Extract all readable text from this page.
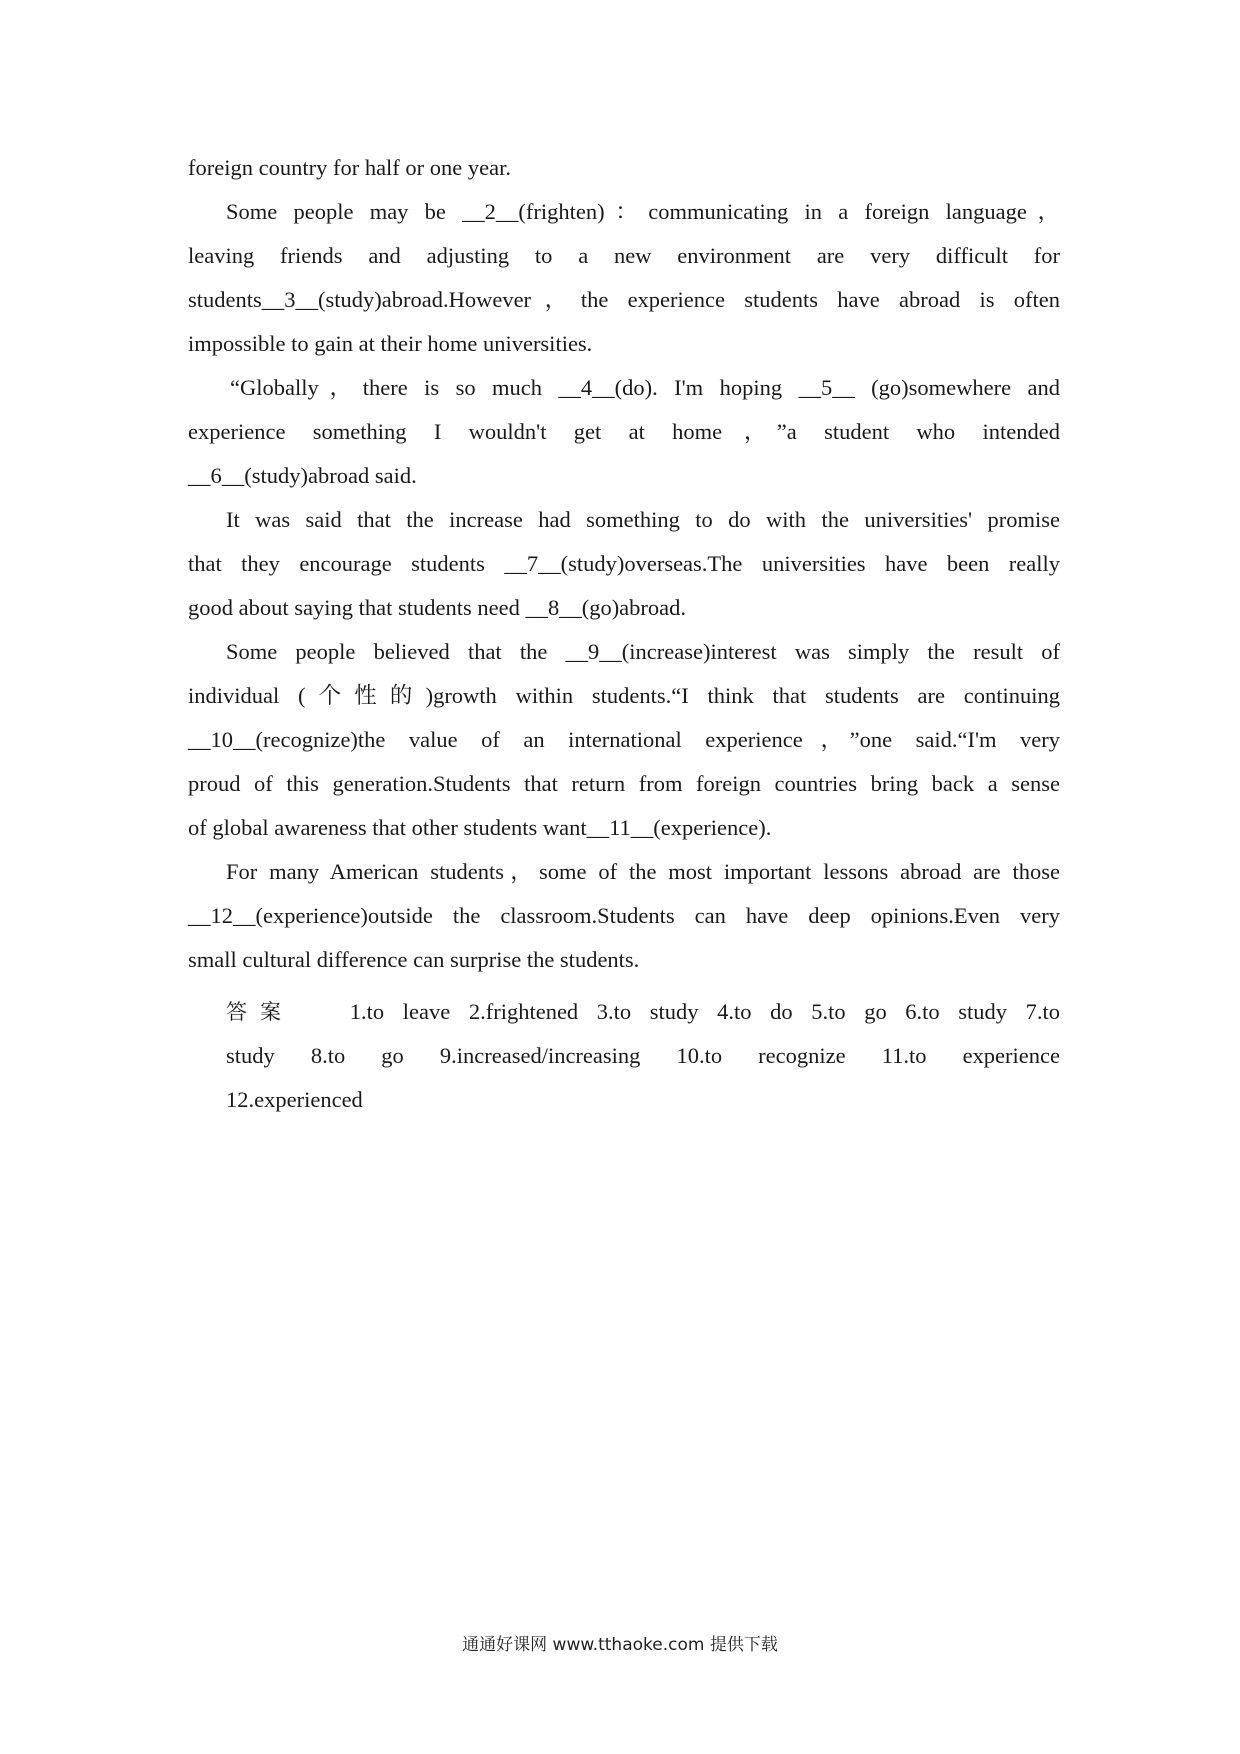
foreign country for half or one year.
Some people may be __2__(frighten)：communicating in a foreign language，
leaving friends and adjusting to a new environment are very difficult for
students__3__(study)abroad.However，the experience students have abroad is often
impossible to gain at their home universities.
“Globally，there is so much __4__(do). I'm hoping __5__ (go)somewhere and
experience something I wouldn't get at home，”a student who intended
__6__(study)abroad said.
It was said that the increase had something to do with the universities' promise
that they encourage students __7__(study)overseas.The universities have been really
good about saying that students need __8__(go)abroad.
Some people believed that the __9__(increase)interest was simply the result of
individual (个性的)growth within students.“I think that students are continuing
__10__(recognize)the value of an international experience，”one said.“I'm very
proud of this generation.Students that return from foreign countries bring back a sense
of global awareness that other students want__11__(experience).
For many American students，some of the most important lessons abroad are those
__12__(experience)outside the classroom.Students can have deep opinions.Even very
small cultural difference can surprise the students.
答案 1.to leave 2.frightened 3.to study 4.to do 5.to go 6.to study 7.to
study 8.to go 9.increased/increasing 10.to recognize 11.to experience
12.experienced
通通好课网 www.tthaoke.com 提供下载
